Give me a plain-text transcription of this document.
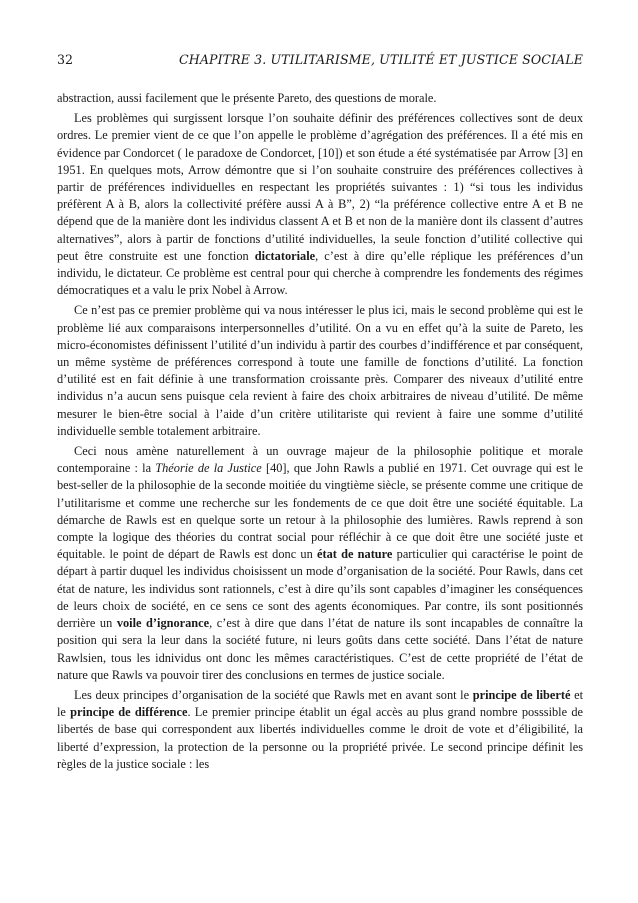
32	CHAPITRE 3. UTILITARISME, UTILITÉ ET JUSTICE SOCIALE

abstraction, aussi facilement que le présente Pareto, des questions de morale.

Les problèmes qui surgissent lorsque l’on souhaite définir des préférences collectives sont de deux ordres. Le premier vient de ce que l’on appelle le problème d’agrégation des préférences. Il a été mis en évidence par Condorcet ( le paradoxe de Condorcet, [10]) et son étude a été systématisée par Arrow [3] en 1951. En quelques mots, Arrow démontre que si l’on souhaite construire des préférences collectives à partir de préférences individuelles en respectant les propriétés suivantes : 1) “si tous les individus préfèrent A à B, alors la collectivité préfère aussi A à B”, 2) “la préférence collective entre A et B ne dépend que de la manière dont les individus classent A et B et non de la manière dont ils classent d’autres alternatives”, alors à partir de fonctions d’utilité individuelles, la seule fonction d’utilité collective qui peut être construite est une fonction dictatoriale, c’est à dire qu’elle réplique les préférences d’un individu, le dictateur. Ce problème est central pour qui cherche à comprendre les fondements des régimes démocratiques et a valu le prix Nobel à Arrow.

Ce n’est pas ce premier problème qui va nous intéresser le plus ici, mais le second problème qui est le problème lié aux comparaisons interpersonnelles d’utilité. On a vu en effet qu’à la suite de Pareto, les micro-économistes définissent l’utilité d’un individu à partir des courbes d’indifférence et par conséquent, un même système de préférences correspond à toute une famille de fonctions d’utilité. La fonction d’utilité est en fait définie à une transformation croissante près. Comparer des niveaux d’utilité entre individus n’a aucun sens puisque cela revient à faire des choix arbitraires de niveau d’utilité. De même mesurer le bien-être social à l’aide d’un critère utilitariste qui revient à faire une somme d’utilité individuelle semble totalement arbitraire.

Ceci nous amène naturellement à un ouvrage majeur de la philosophie politique et morale contemporaine : la Théorie de la Justice [40], que John Rawls a publié en 1971. Cet ouvrage qui est le best-seller de la philosophie de la seconde moitiée du vingtième siècle, se présente comme une critique de l’utilitarisme et comme une recherche sur les fondements de ce que doit être une société équitable. La démarche de Rawls est en quelque sorte un retour à la philosophie des lumières. Rawls reprend à son compte la logique des théories du contrat social pour réfléchir à ce que doit être une société juste et équitable. le point de départ de Rawls est donc un état de nature particulier qui caractérise le point de départ à partir duquel les individus choisissent un mode d’organisation de la société. Pour Rawls, dans cet état de nature, les individus sont rationnels, c’est à dire qu’ils sont capables d’imaginer les conséquences de leurs choix de société, en ce sens ce sont des agents économiques. Par contre, ils sont positionnés derrière un voile d’ignorance, c’est à dire que dans l’état de nature ils sont incapables de connaître la position qui sera la leur dans la société future, ni leurs goûts dans cette société. Dans l’état de nature Rawlsien, tous les idnividus ont donc les mêmes caractéristiques. C’est de cette propriété de l’état de nature que Rawls va pouvoir tirer des conclusions en termes de justice sociale.

Les deux principes d’organisation de la société que Rawls met en avant sont le principe de liberté et le principe de différence. Le premier principe établit un égal accès au plus grand nombre posssible de libertés de base qui correspondent aux libertés individuelles comme le droit de vote et d’éligibilité, la liberté d’expression, la protection de la personne ou la propriété privée. Le second principe définit les règles de la justice sociale : les
